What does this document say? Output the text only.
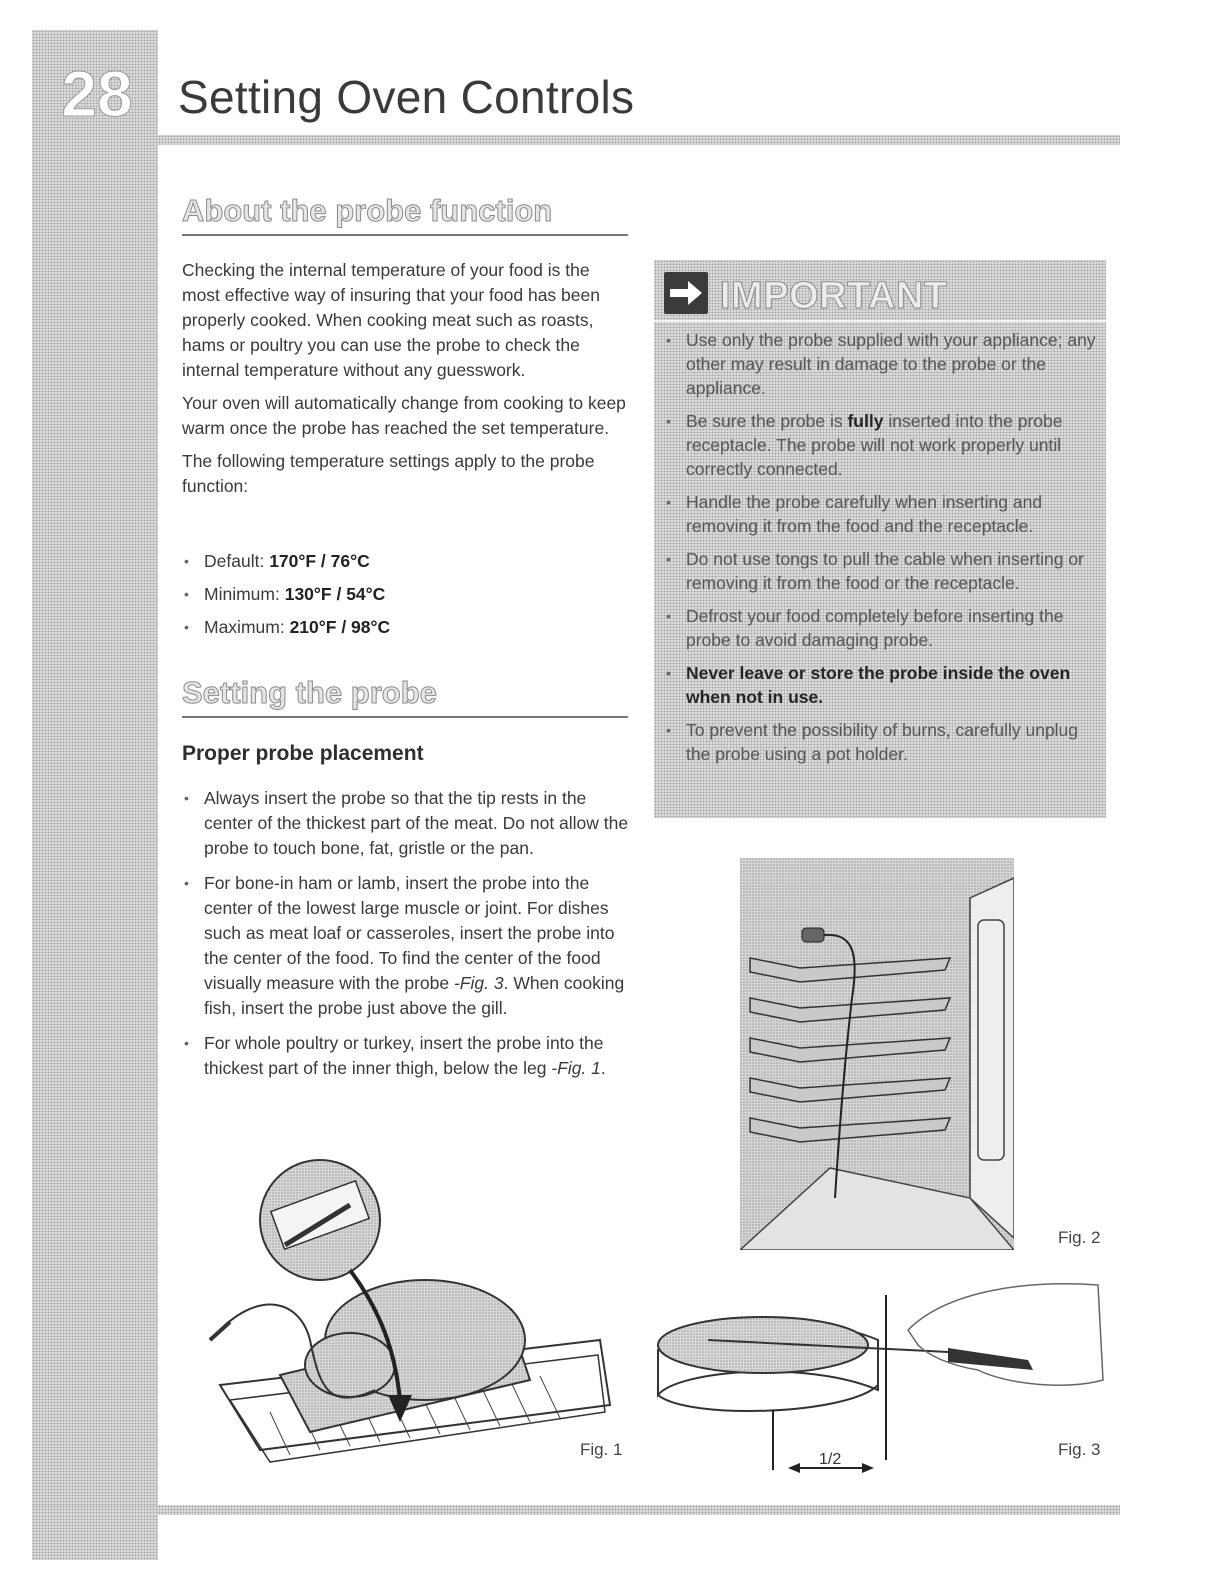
28 Setting Oven Controls
About the probe function

Checking the internal temperature of your food is the most effective way of insuring that your food has been properly cooked. When cooking meat such as roasts, hams or poultry you can use the probe to check the internal temperature without any guesswork.

Your oven will automatically change from cooking to keep warm once the probe has reached the set temperature.

The following temperature settings apply to the probe function:

• Default: 170°F / 76°C
• Minimum: 130°F / 54°C
• Maximum: 210°F / 98°C
Setting the probe
Proper probe placement
• Always insert the probe so that the tip rests in the center of the thickest part of the meat. Do not allow the probe to touch bone, fat, gristle or the pan.
• For bone-in ham or lamb, insert the probe into the center of the lowest large muscle or joint. For dishes such as meat loaf or casseroles, insert the probe into the center of the food. To find the center of the food visually measure with the probe -Fig. 3. When cooking fish, insert the probe just above the gill.
• For whole poultry or turkey, insert the probe into the thickest part of the inner thigh, below the leg -Fig. 1.
IMPORTANT
• Use only the probe supplied with your appliance; any other may result in damage to the probe or the appliance.
• Be sure the probe is fully inserted into the probe receptacle. The probe will not work properly until correctly connected.
• Handle the probe carefully when inserting and removing it from the food and the receptacle.
• Do not use tongs to pull the cable when inserting or removing it from the food or the receptacle.
• Defrost your food completely before inserting the probe to avoid damaging probe.
• Never leave or store the probe inside the oven when not in use.
• To prevent the possibility of burns, carefully unplug the probe using a pot holder.
Fig. 1
Fig. 2
1/2
Fig. 3
